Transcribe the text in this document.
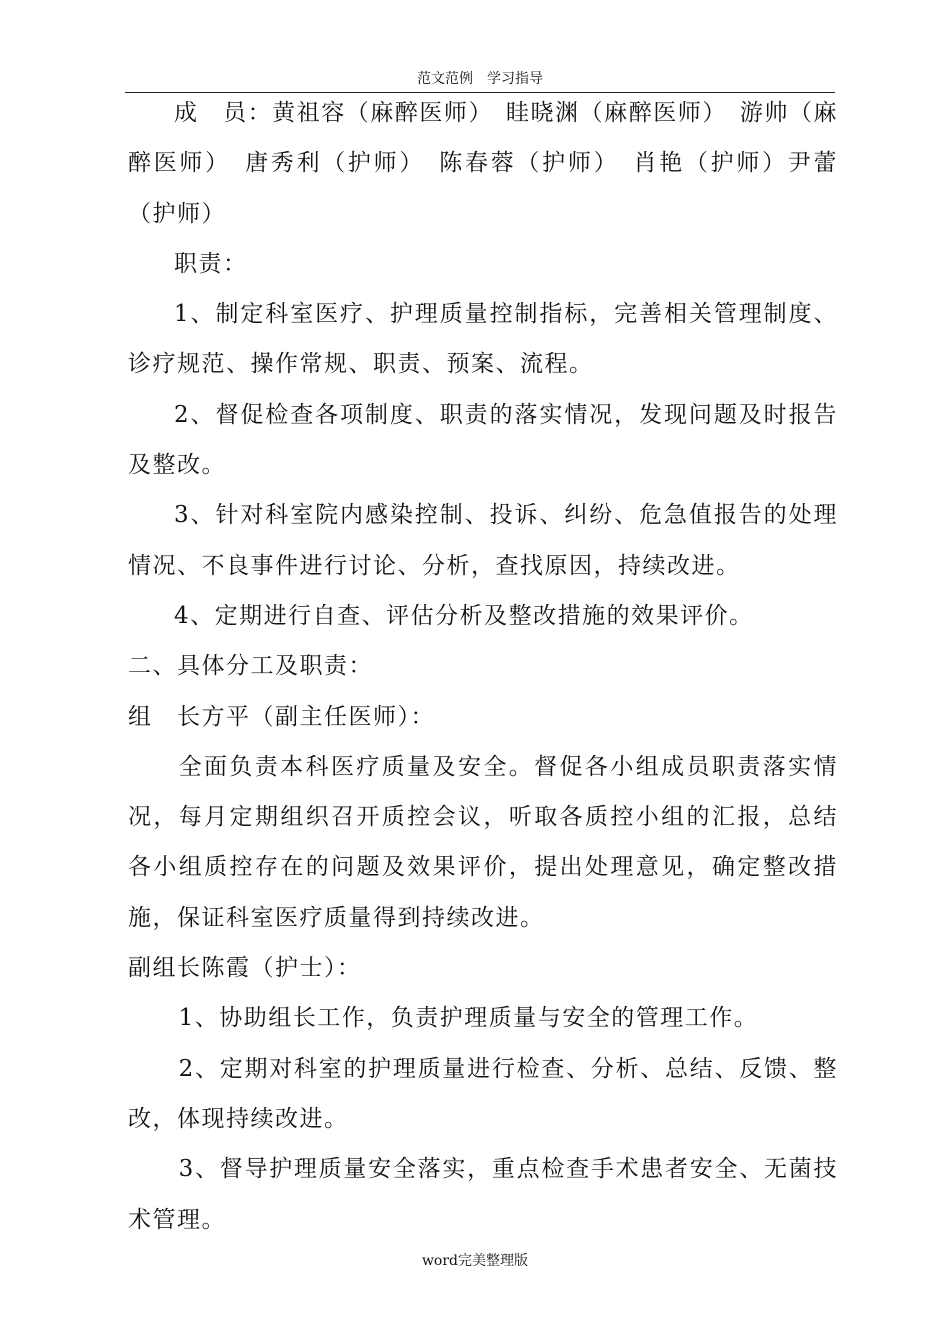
范文范例　学习指导

成　员：黄祖容（麻醉医师）　眭晓渊（麻醉医师）　游帅（麻醉医师）　唐秀利（护师）　陈春蓉（护师）　肖艳（护师）尹蕾（护师）

职责：

1、制定科室医疗、护理质量控制指标，完善相关管理制度、诊疗规范、操作常规、职责、预案、流程。

2、督促检查各项制度、职责的落实情况，发现问题及时报告及整改。

3、针对科室院内感染控制、投诉、纠纷、危急值报告的处理情况、不良事件进行讨论、分析，查找原因，持续改进。

4、定期进行自查、评估分析及整改措施的效果评价。

二、具体分工及职责：

组　长方平（副主任医师）：

全面负责本科医疗质量及安全。督促各小组成员职责落实情况，每月定期组织召开质控会议，听取各质控小组的汇报，总结各小组质控存在的问题及效果评价，提出处理意见，确定整改措施，保证科室医疗质量得到持续改进。

副组长陈霞（护士）：

1、协助组长工作，负责护理质量与安全的管理工作。

2、定期对科室的护理质量进行检查、分析、总结、反馈、整改，体现持续改进。

3、督导护理质量安全落实，重点检查手术患者安全、无菌技术管理。

word完美整理版
